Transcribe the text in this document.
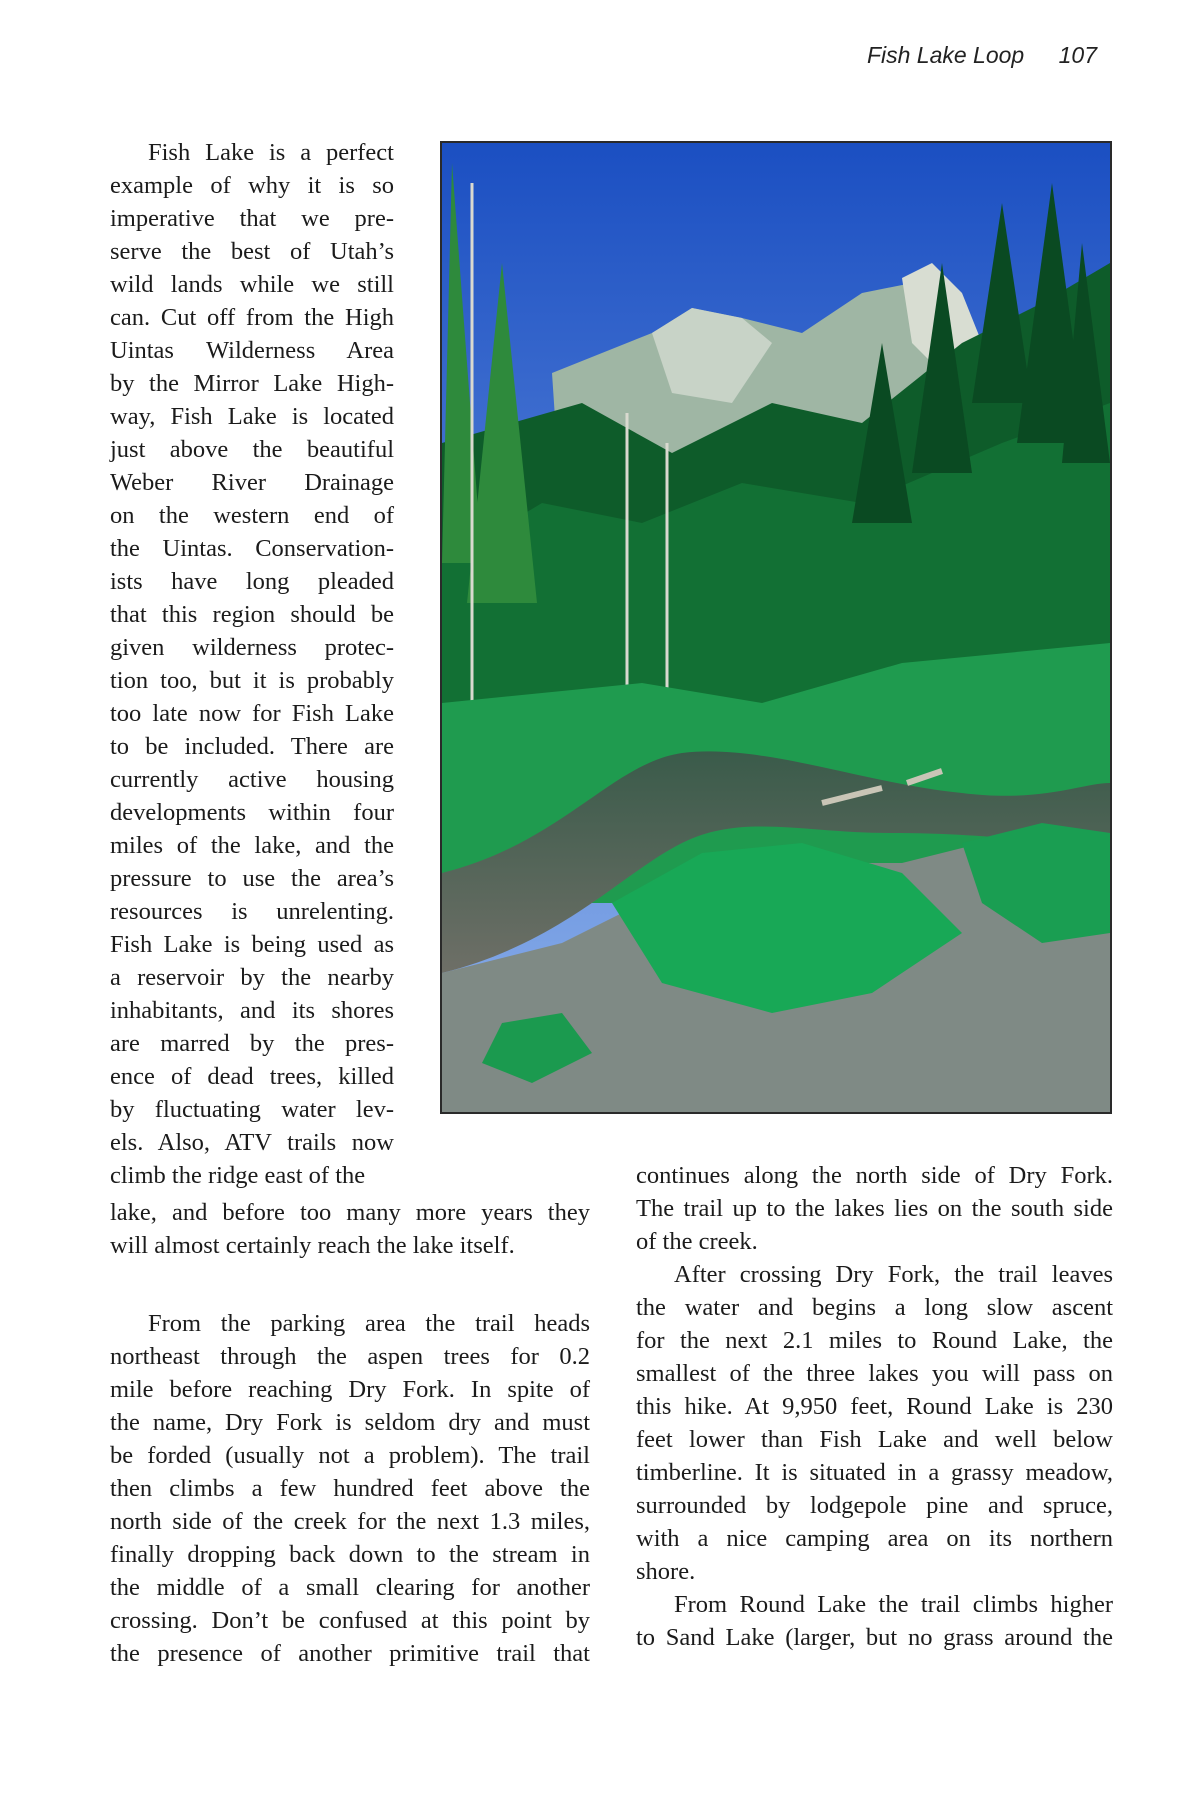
Fish Lake Loop 107
Fish Lake is a perfect
example of why it is so
imperative that we pre-
serve the best of Utah’s
wild lands while we still
can. Cut off from the High
Uintas Wilderness Area
by the Mirror Lake High-
way, Fish Lake is located
just above the beautiful
Weber River Drainage
on the western end of
the Uintas. Conservation-
ists have long pleaded
that this region should be
given wilderness protec-
tion too, but it is probably
too late now for Fish Lake
to be included. There are
currently active housing
developments within four
miles of the lake, and the
pressure to use the area’s
resources is unrelenting.
Fish Lake is being used as
a reservoir by the nearby
inhabitants, and its shores
are marred by the pres-
ence of dead trees, killed
by fluctuating water lev-
els. Also, ATV trails now
climb the ridge east of the
lake, and before too many more years they
will almost certainly reach the lake itself.
From the parking area the trail heads
northeast through the aspen trees for 0.2
mile before reaching Dry Fork. In spite of
the name, Dry Fork is seldom dry and must
be forded (usually not a problem). The trail
then climbs a few hundred feet above the
north side of the creek for the next 1.3 miles,
finally dropping back down to the stream in
the middle of a small clearing for another
crossing. Don’t be confused at this point by
the presence of another primitive trail that
continues along the north side of Dry Fork.
The trail up to the lakes lies on the south side
of the creek.
After crossing Dry Fork, the trail leaves
the water and begins a long slow ascent
for the next 2.1 miles to Round Lake, the
smallest of the three lakes you will pass on
this hike. At 9,950 feet, Round Lake is 230
feet lower than Fish Lake and well below
timberline. It is situated in a grassy meadow,
surrounded by lodgepole pine and spruce,
with a nice camping area on its northern
shore.
From Round Lake the trail climbs higher
to Sand Lake (larger, but no grass around the
